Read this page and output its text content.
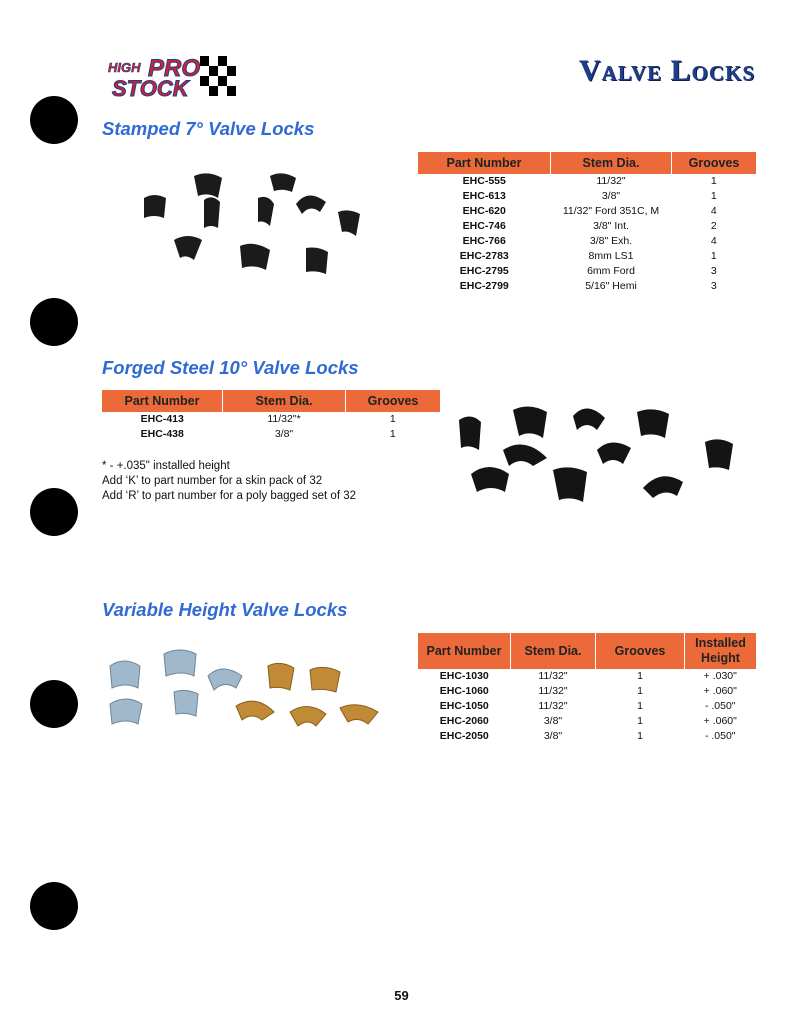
HIGH PRO
STOCK
Valve Locks
Stamped 7° Valve Locks
Part Number	Stem Dia.	Grooves
EHC-555	11/32"	1
EHC-613	3/8"	1
EHC-620	11/32" Ford 351C, M	4
EHC-746	3/8" Int.	2
EHC-766	3/8" Exh.	4
EHC-2783	8mm LS1	1
EHC-2795	6mm Ford	3
EHC-2799	5/16" Hemi	3
Forged Steel 10° Valve Locks
Part Number	Stem Dia.	Grooves
EHC-413	11/32"*	1
EHC-438	3/8"	1
* - +.035" installed height
Add ‘K’ to part number for a skin pack of 32
Add ‘R’ to part number for a poly bagged set of 32
Variable Height Valve Locks
Part Number	Stem Dia.	Grooves	Installed Height
EHC-1030	11/32"	1	+ .030"
EHC-1060	11/32"	1	+ .060"
EHC-1050	11/32"	1	- .050"
EHC-2060	3/8"	1	+ .060"
EHC-2050	3/8"	1	- .050"
59
